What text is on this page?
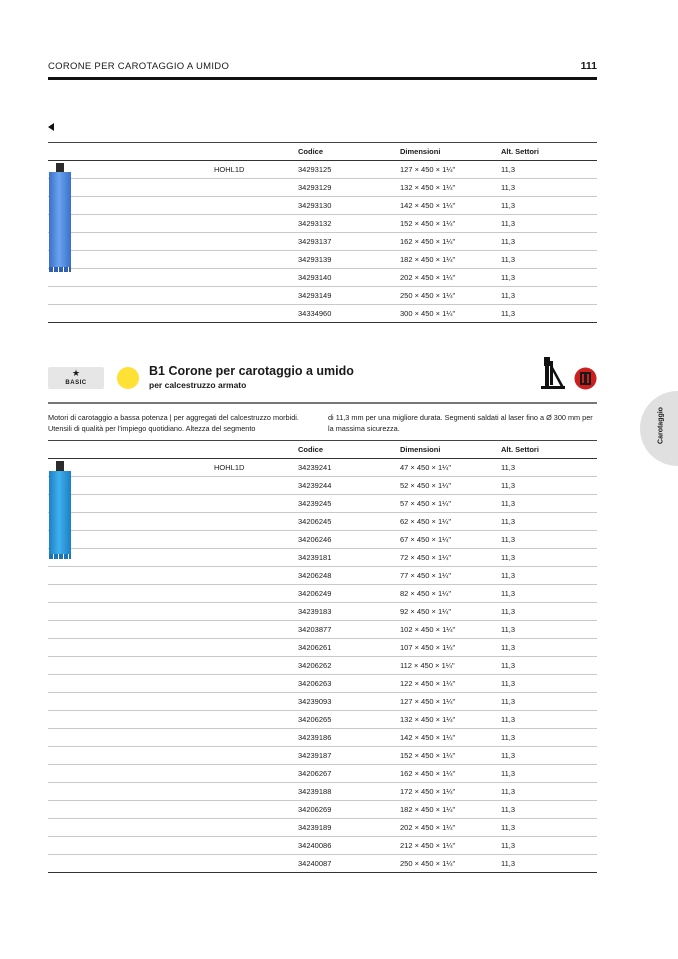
CORONE PER CAROTAGGIO A UMIDO	111
Codice	Dimensioni	Alt. Settori
HOHL1D	34293125	127 × 450 × 1¼"	11,3
34293129	132 × 450 × 1¼"	11,3
34293130	142 × 450 × 1¼"	11,3
34293132	152 × 450 × 1¼"	11,3
34293137	162 × 450 × 1¼"	11,3
34293139	182 × 450 × 1¼"	11,3
34293140	202 × 450 × 1¼"	11,3
34293149	250 × 450 × 1¼"	11,3
34334960	300 × 450 × 1¼"	11,3
★
BASIC
B1 Corone per carotaggio a umido
per calcestruzzo armato
Motori di carotaggio a bassa potenza | per aggregati del calcestruzzo morbidi. Utensili di qualità per l'impiego quotidiano. Altezza del segmento
di 11,3 mm per una migliore durata. Segmenti saldati al laser fino a Ø 300 mm per la massima sicurezza.	Carotaggio
Codice	Dimensioni	Alt. Settori
HOHL1D	34239241	47 × 450 × 1¼"	11,3
34239244	52 × 450 × 1¼"	11,3
34239245	57 × 450 × 1¼"	11,3
34206245	62 × 450 × 1¼"	11,3
34206246	67 × 450 × 1¼"	11,3
34239181	72 × 450 × 1¼"	11,3
34206248	77 × 450 × 1¼"	11,3
34206249	82 × 450 × 1¼"	11,3
34239183	92 × 450 × 1¼"	11,3
34203877	102 × 450 × 1¼"	11,3
34206261	107 × 450 × 1¼"	11,3
34206262	112 × 450 × 1¼"	11,3
34206263	122 × 450 × 1¼"	11,3
34239093	127 × 450 × 1¼"	11,3
34206265	132 × 450 × 1¼"	11,3
34239186	142 × 450 × 1¼"	11,3
34239187	152 × 450 × 1¼"	11,3
34206267	162 × 450 × 1¼"	11,3
34239188	172 × 450 × 1¼"	11,3
34206269	182 × 450 × 1¼"	11,3
34239189	202 × 450 × 1¼"	11,3
34240086	212 × 450 × 1¼"	11,3
34240087	250 × 450 × 1¼"	11,3
